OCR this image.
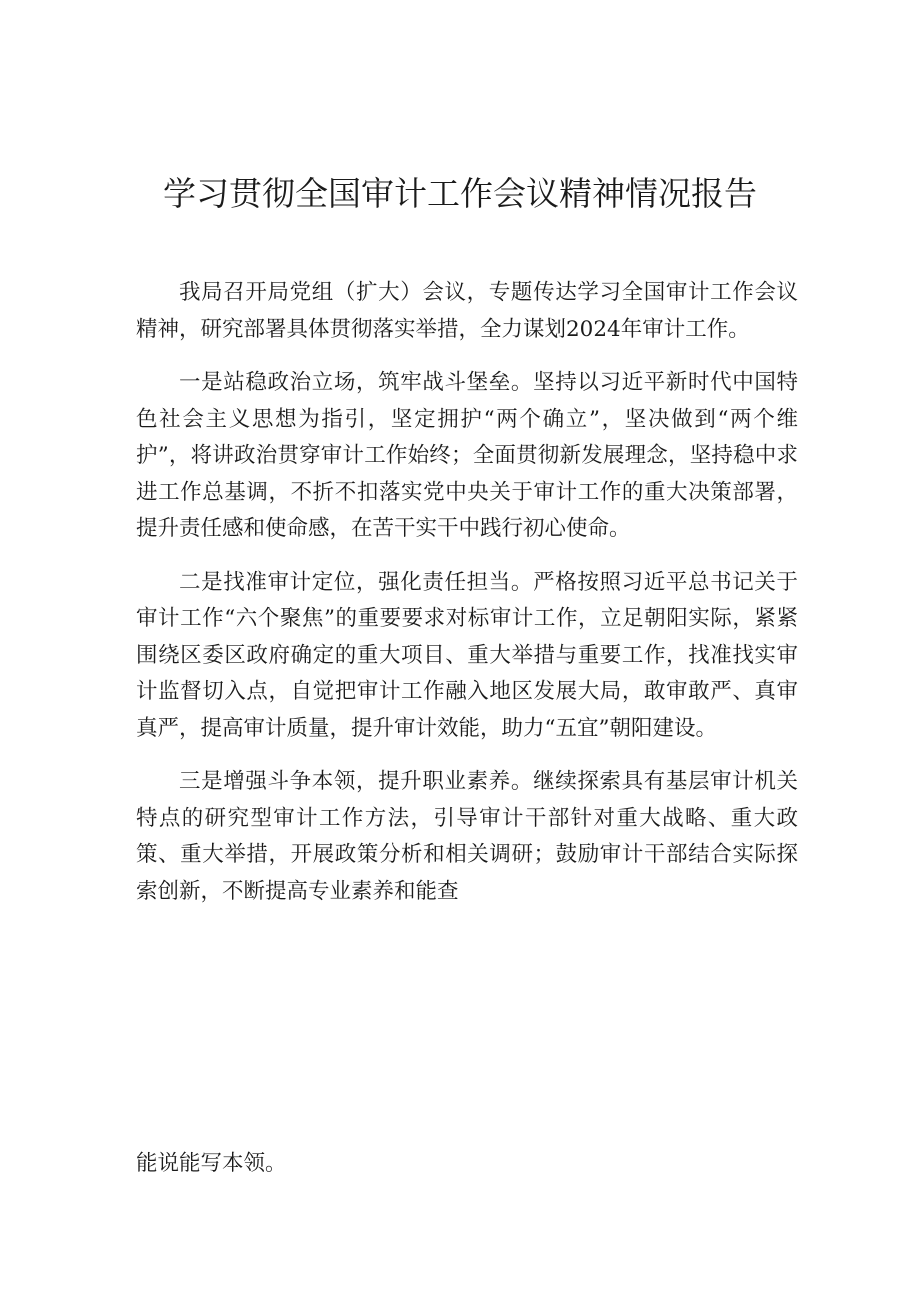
学习贯彻全国审计工作会议精神情况报告

我局召开局党组（扩大）会议，专题传达学习全国审计工作会议精神，研究部署具体贯彻落实举措，全力谋划2024年审计工作。

一是站稳政治立场，筑牢战斗堡垒。坚持以习近平新时代中国特色社会主义思想为指引，坚定拥护“两个确立”，坚决做到“两个维护”，将讲政治贯穿审计工作始终；全面贯彻新发展理念，坚持稳中求进工作总基调，不折不扣落实党中央关于审计工作的重大决策部署，提升责任感和使命感，在苦干实干中践行初心使命。

二是找准审计定位，强化责任担当。严格按照习近平总书记关于审计工作“六个聚焦”的重要要求对标审计工作，立足朝阳实际，紧紧围绕区委区政府确定的重大项目、重大举措与重要工作，找准找实审计监督切入点，自觉把审计工作融入地区发展大局，敢审敢严、真审真严，提高审计质量，提升审计效能，助力“五宜”朝阳建设。

三是增强斗争本领，提升职业素养。继续探索具有基层审计机关特点的研究型审计工作方法，引导审计干部针对重大战略、重大政策、重大举措，开展政策分析和相关调研；鼓励审计干部结合实际探索创新，不断提高专业素养和能查

能说能写本领。
